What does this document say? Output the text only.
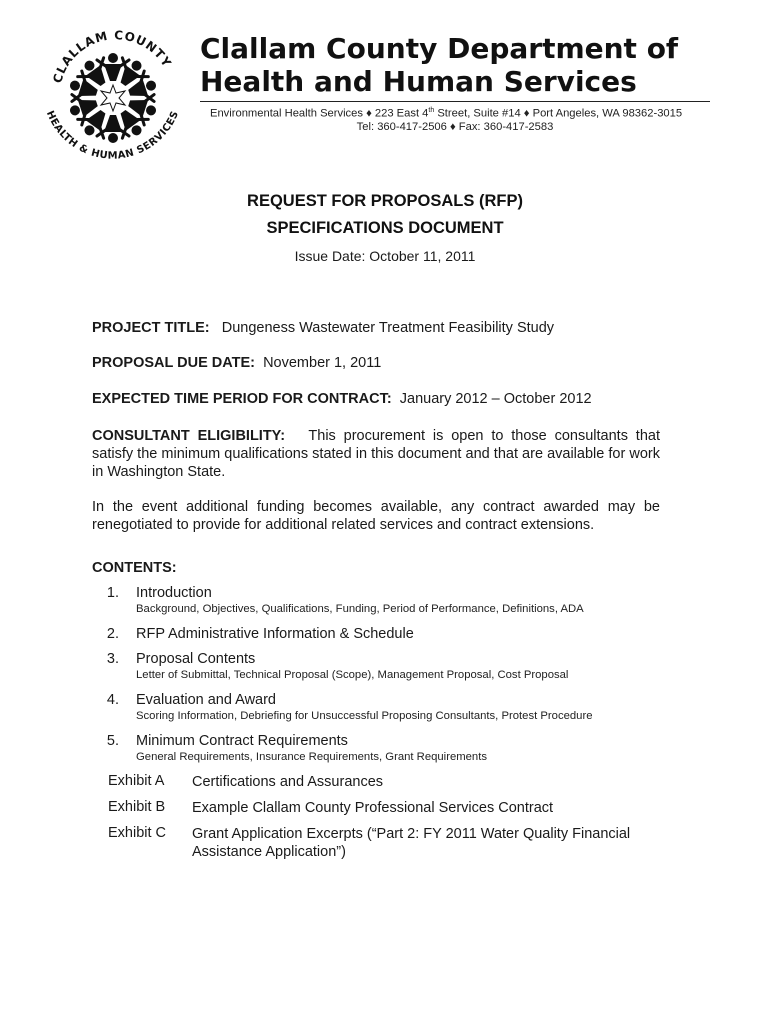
CLALLAM COUNTY
HEALTH & HUMAN SERVICES
Clallam County Department of
Health and Human Services
Environmental Health Services ♦ 223 East 4th Street, Suite #14 ♦ Port Angeles, WA 98362-3015
Tel: 360-417-2506 ♦ Fax: 360-417-2583
REQUEST FOR PROPOSALS (RFP)
SPECIFICATIONS DOCUMENT
Issue Date: October 11, 2011
PROJECT TITLE: Dungeness Wastewater Treatment Feasibility Study
PROPOSAL DUE DATE: November 1, 2011
EXPECTED TIME PERIOD FOR CONTRACT: January 2012 – October 2012
CONSULTANT ELIGIBILITY: This procurement is open to those consultants that satisfy the minimum qualifications stated in this document and that are available for work in Washington State.
In the event additional funding becomes available, any contract awarded may be renegotiated to provide for additional related services and contract extensions.
CONTENTS:
1. Introduction
Background, Objectives, Qualifications, Funding, Period of Performance, Definitions, ADA
2. RFP Administrative Information & Schedule
3. Proposal Contents
Letter of Submittal, Technical Proposal (Scope), Management Proposal, Cost Proposal
4. Evaluation and Award
Scoring Information, Debriefing for Unsuccessful Proposing Consultants, Protest Procedure
5. Minimum Contract Requirements
General Requirements, Insurance Requirements, Grant Requirements
Exhibit A Certifications and Assurances
Exhibit B Example Clallam County Professional Services Contract
Exhibit C Grant Application Excerpts (“Part 2: FY 2011 Water Quality Financial Assistance Application”)
